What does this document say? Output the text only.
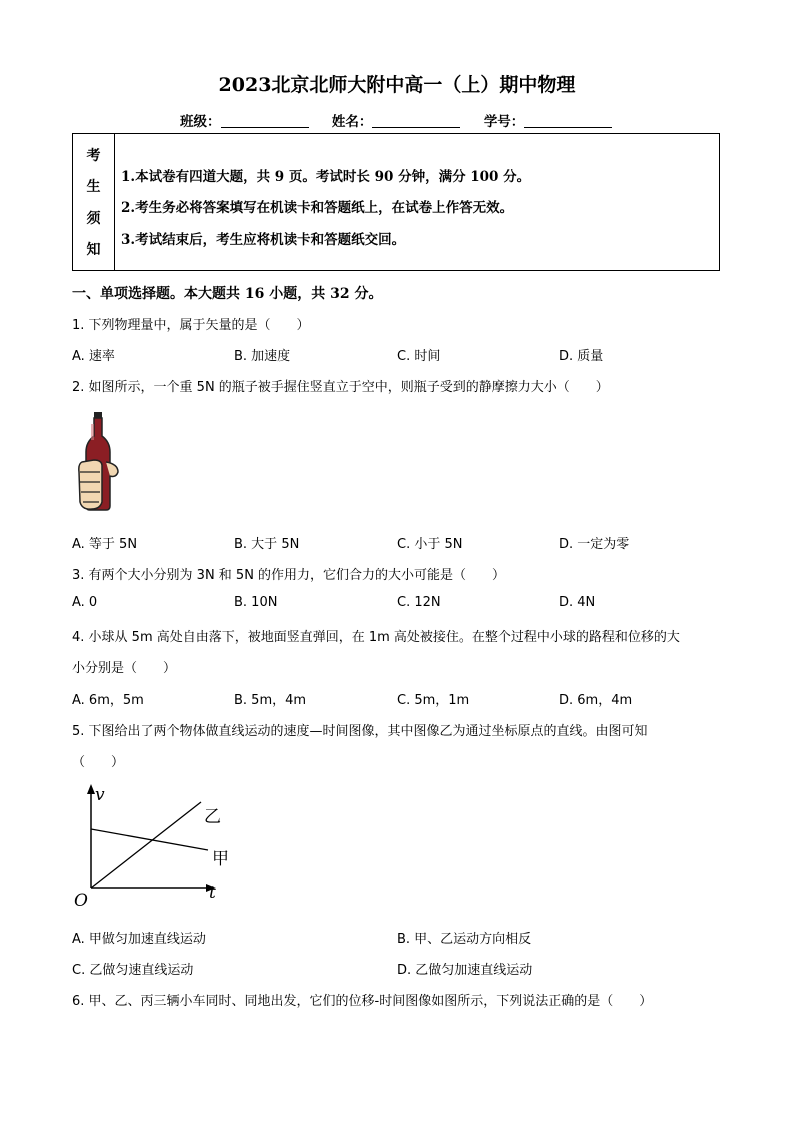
2023北京北师大附中高一（上）期中物理
班级：	姓名：	学号：
考
生
须
知
1.本试卷有四道大题，共 9 页。考试时长 90 分钟，满分 100 分。
2.考生务必将答案填写在机读卡和答题纸上，在试卷上作答无效。
3.考试结束后，考生应将机读卡和答题纸交回。
一、单项选择题。本大题共 16 小题，共 32 分。
1. 下列物理量中，属于矢量的是（　　）
A. 速率	B. 加速度	C. 时间	D. 质量
2. 如图所示，一个重 5N 的瓶子被手握住竖直立于空中，则瓶子受到的静摩擦力大小（　　）
A. 等于 5N	B. 大于 5N	C. 小于 5N	D. 一定为零
3. 有两个大小分别为 3N 和 5N 的作用力，它们合力的大小可能是（　　）
A. 0	B. 10N	C. 12N	D. 4N
4. 小球从 5m 高处自由落下，被地面竖直弹回，在 1m 高处被接住。在整个过程中小球的路程和位移的大
小分别是（　　）
A. 6m，5m	B. 5m，4m	C. 5m，1m	D. 6m，4m
5. 下图给出了两个物体做直线运动的速度—时间图像，其中图像乙为通过坐标原点的直线。由图可知
（　　）
v
t
O
乙
甲
A. 甲做匀加速直线运动	B. 甲、乙运动方向相反
C. 乙做匀速直线运动	D. 乙做匀加速直线运动
6. 甲、乙、丙三辆小车同时、同地出发，它们的位移-时间图像如图所示，下列说法正确的是（　　）
